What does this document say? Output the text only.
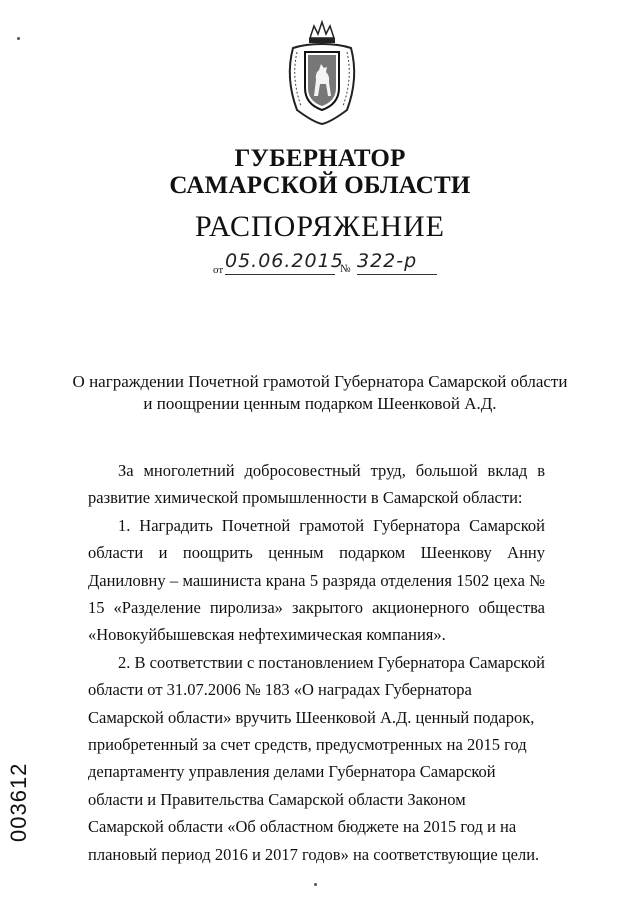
ГУБЕРНАТОР
САМАРСКОЙ ОБЛАСТИ
РАСПОРЯЖЕНИЕ
от 05.06.2015
№ 322-р
О награждении Почетной грамотой Губернатора Самарской области
и поощрении ценным подарком Шеенковой А.Д.

За многолетний добросовестный труд, большой вклад в развитие химической промышленности в Самарской области:

1. Наградить Почетной грамотой Губернатора Самарской области и поощрить ценным подарком Шеенкову Анну Даниловну – машиниста крана 5 разряда отделения 1502 цеха № 15 «Разделение пиролиза» закрытого акционерного общества «Новокуйбышевская нефтехимическая компания».

2. В соответствии с постановлением Губернатора Самарской области от 31.07.2006 № 183 «О наградах Губернатора Самарской области» вручить Шеенковой А.Д. ценный подарок, приобретенный за счет средств, предусмотренных на 2015 год департаменту управления делами Губернатора Самарской области и Правительства Самарской области Законом Самарской области «Об областном бюджете на 2015 год и на плановый период 2016 и 2017 годов» на соответствующие цели.

003612
